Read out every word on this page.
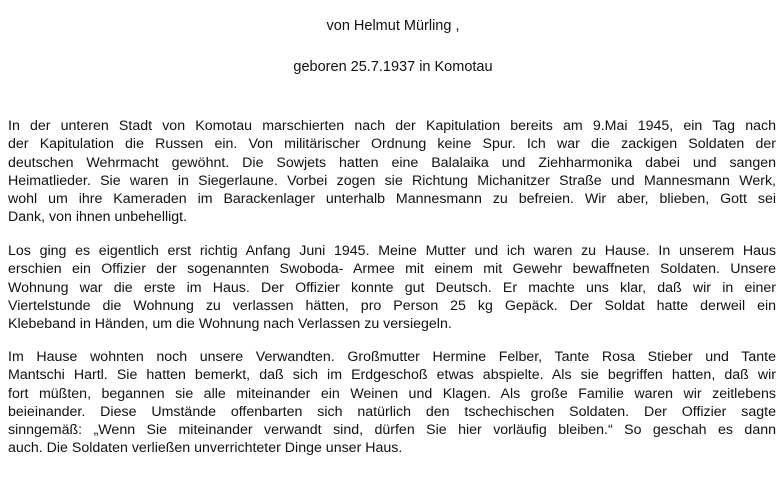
von Helmut Mürling ,
geboren 25.7.1937 in Komotau
In der unteren Stadt von Komotau marschierten nach der Kapitulation bereits am 9.Mai 1945, ein Tag nach
der Kapitulation die Russen ein. Von militärischer Ordnung keine Spur. Ich war die zackigen Soldaten der
deutschen Wehrmacht gewöhnt. Die Sowjets hatten eine Balalaika und Ziehharmonika dabei und sangen
Heimatlieder. Sie waren in Siegerlaune. Vorbei zogen sie Richtung Michanitzer Straße und Mannesmann Werk,
wohl um ihre Kameraden im Barackenlager unterhalb Mannesmann zu befreien. Wir aber, blieben, Gott sei
Dank, von ihnen unbehelligt.
Los ging es eigentlich erst richtig Anfang Juni 1945. Meine Mutter und ich waren zu Hause. In unserem Haus
erschien ein Offizier der sogenannten Swoboda- Armee mit einem mit Gewehr bewaffneten Soldaten. Unsere
Wohnung war die erste im Haus. Der Offizier konnte gut Deutsch. Er machte uns klar, daß wir in einer
Viertelstunde die Wohnung zu verlassen hätten, pro Person 25 kg Gepäck. Der Soldat hatte derweil ein
Klebeband in Händen, um die Wohnung nach Verlassen zu versiegeln.
Im Hause wohnten noch unsere Verwandten. Großmutter Hermine Felber, Tante Rosa Stieber und Tante
Mantschi Hartl. Sie hatten bemerkt, daß sich im Erdgeschoß etwas abspielte. Als sie begriffen hatten, daß wir
fort müßten, begannen sie alle miteinander ein Weinen und Klagen. Als große Familie waren wir zeitlebens
beieinander. Diese Umstände offenbarten sich natürlich den tschechischen Soldaten. Der Offizier sagte
sinngemäß: „Wenn Sie miteinander verwandt sind, dürfen Sie hier vorläufig bleiben.“ So geschah es dann
auch. Die Soldaten verließen unverrichteter Dinge unser Haus.
